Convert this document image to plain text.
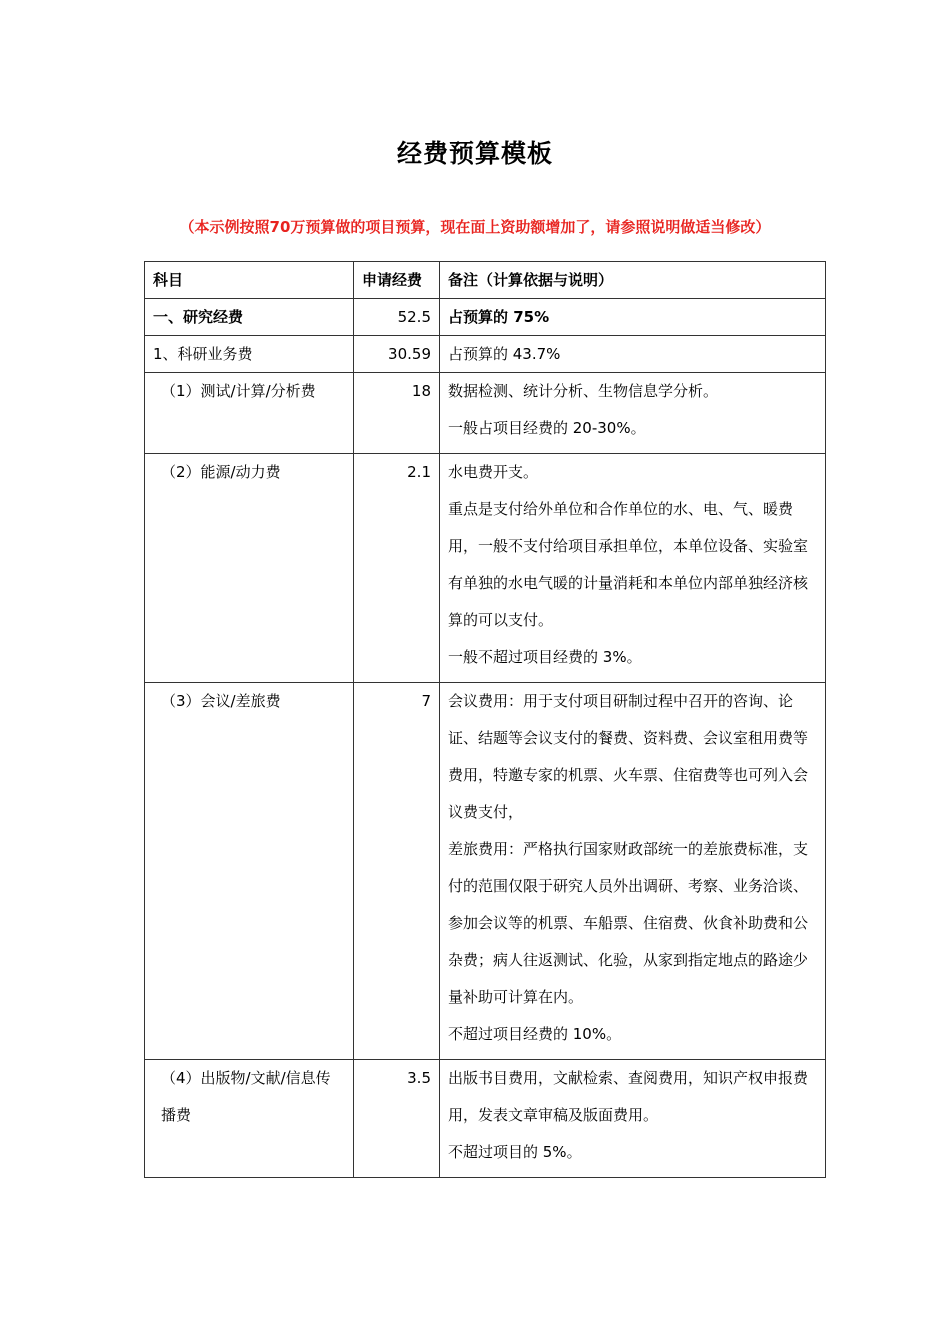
经费预算模板
（本示例按照70万预算做的项目预算，现在面上资助额增加了，请参照说明做适当修改）
科目	申请经费	备注（计算依据与说明）

一、研究经费	52.5	占预算的 75%

1、科研业务费	30.59	占预算的 43.7%

（1）测试/计算/分析费	18	数据检测、统计分析、生物信息学分析。
一般占项目经费的 20-30%。

（2）能源/动力费	2.1	水电费开支。
重点是支付给外单位和合作单位的水、电、气、暖费用，一般不支付给项目承担单位，本单位设备、实验室有单独的水电气暖的计量消耗和本单位内部单独经济核算的可以支付。
一般不超过项目经费的 3%。

（3）会议/差旅费	7	会议费用：用于支付项目研制过程中召开的咨询、论证、结题等会议支付的餐费、资料费、会议室租用费等费用，特邀专家的机票、火车票、住宿费等也可列入会议费支付，
差旅费用：严格执行国家财政部统一的差旅费标准，支付的范围仅限于研究人员外出调研、考察、业务洽谈、参加会议等的机票、车船票、住宿费、伙食补助费和公杂费；病人往返测试、化验，从家到指定地点的路途少量补助可计算在内。
不超过项目经费的 10%。

（4）出版物/文献/信息传播费	3.5	出版书目费用，文献检索、查阅费用，知识产权申报费用，发表文章审稿及版面费用。
不超过项目的 5%。
